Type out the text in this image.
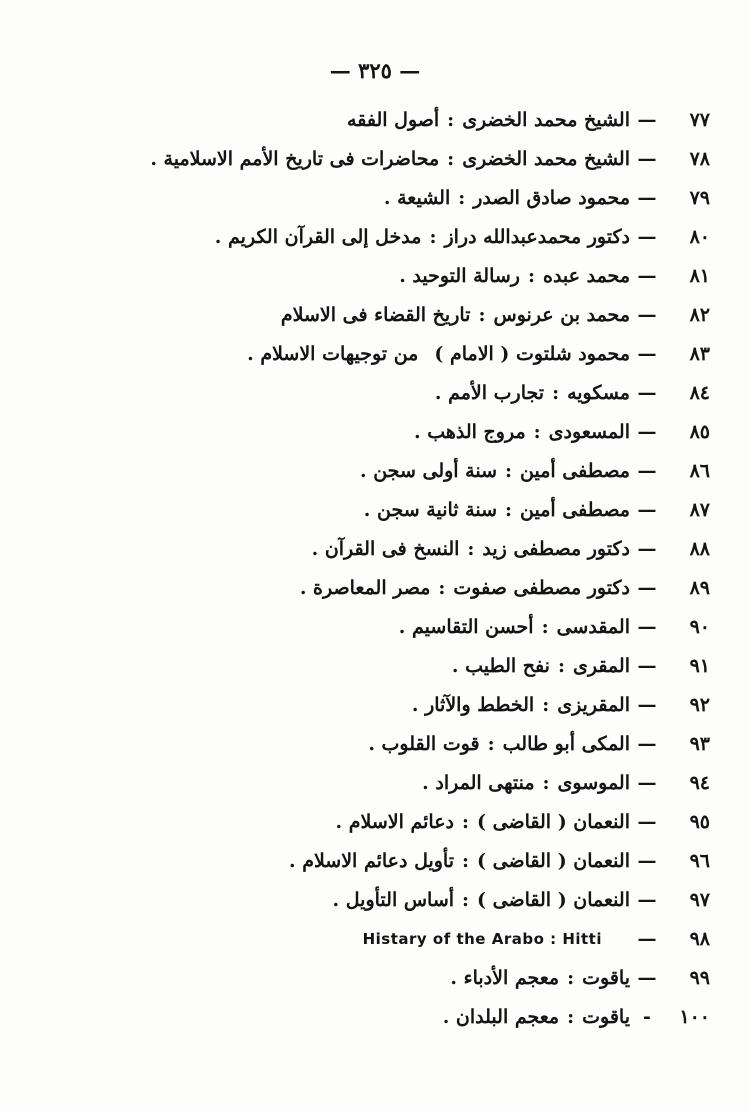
— ٣٢٥ —
٧٧
—
الشيخ محمد الخضرى
:
أصول الفقه
٧٨
—
الشيخ محمد الخضرى
:
محاضرات فى تاريخ الأمم الاسلامية .
٧٩
—
محمود صادق الصدر
:
الشيعة .
٨٠
—
دكتور محمدعبدالله دراز
:
مدخل إلى القرآن الكريم .
٨١
—
محمد عبده
:
رسالة التوحيد .
٨٢
—
محمد بن عرنوس
:
تاريخ القضاء فى الاسلام
٨٣
—
محمود شلتوت ( الامام )
من توجيهات الاسلام .
٨٤
—
مسكويه
:
تجارب الأمم .
٨٥
—
المسعودى
:
مروج الذهب .
٨٦
—
مصطفى أمين
:
سنة أولى سجن .
٨٧
—
مصطفى أمين
:
سنة ثانية سجن .
٨٨
—
دكتور مصطفى زيد
:
النسخ فى القرآن .
٨٩
—
دكتور مصطفى صفوت
:
مصر المعاصرة .
٩٠
—
المقدسى
:
أحسن التقاسيم .
٩١
—
المقرى
:
نفح الطيب .
٩٢
—
المقريزى
:
الخطط والآثار .
٩٣
—
المكى أبو طالب
:
قوت القلوب .
٩٤
—
الموسوى
:
منتهى المراد .
٩٥
—
النعمان ( القاضى )
:
دعائم الاسلام .
٩٦
—
النعمان ( القاضى )
:
تأويل دعائم الاسلام .
٩٧
—
النعمان ( القاضى )
:
أساس التأويل .
٩٨
—
Histary of the Arabo : Hitti
٩٩
—
ياقوت
:
معجم الأدباء .
١٠٠
-
ياقوت
:
معجم البلدان .
